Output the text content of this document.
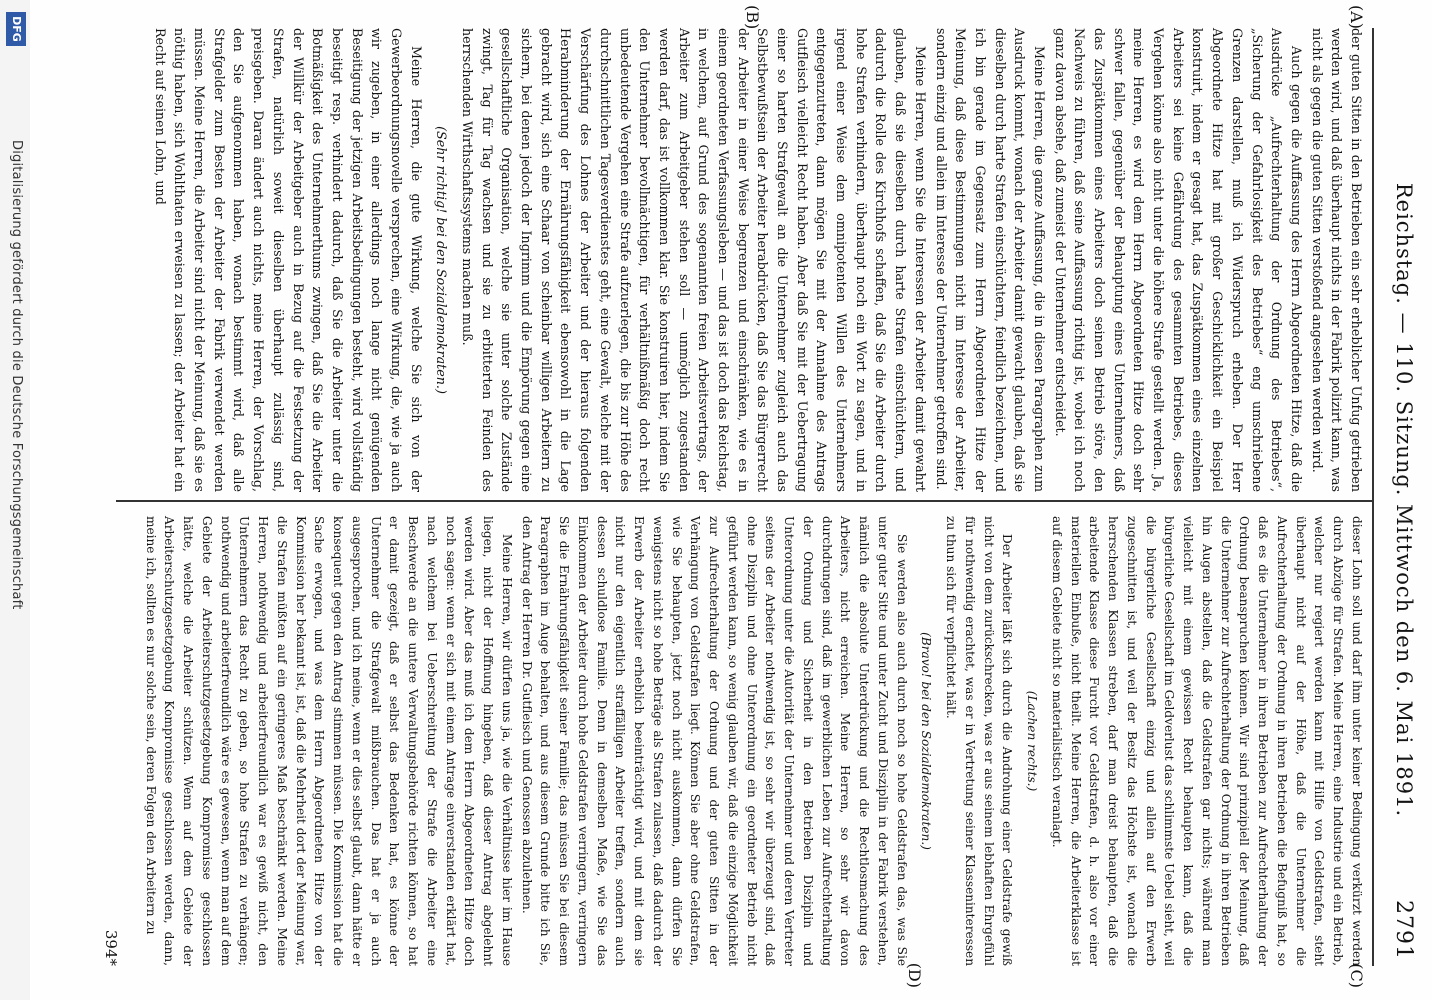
Reichstag. — 110. Sitzung. Mittwoch den 6. Mai 1891.
2791
(A)
(B)
(C)
(D)

der guten Sitten in den Betrieben ein sehr erheblicher Unfug getrieben werden wird, und daß überhaupt nichts in der Fabrik polizirt kann, was nicht als gegen die guten Sitten verstoßend angesehen werden wird.

Auch gegen die Auffassung des Herrn Abgeordneten Hitze, daß die Ausdrücke „Aufrechterhaltung der Ordnung des Betriebes“, „Sicherung der Gefahrlosigkeit des Betriebes“ eng umschriebene Grenzen darstellen, muß ich Widerspruch erheben. Der Herr Abgeordnete Hitze hat mit großer Geschicklichkeit ein Beispiel konstruirt, indem er gesagt hat, das Zuspätkommen eines einzelnen Arbeiters sei keine Gefährdung des gesammten Betriebes, dieses Vergehen könne also nicht unter die höhere Strafe gestellt werden. Ja, meine Herren, es wird dem Herrn Abgeordneten Hitze doch sehr schwer fallen, gegenüber der Behauptung eines Unternehmers, daß das Zuspätkommen eines Arbeiters doch seinen Betrieb störe, den Nachweis zu führen, daß seine Auffassung richtig ist, wobei ich noch ganz davon absehe, daß zumeist der Unternehmer entscheidet.

Meine Herren, die ganze Auffassung, die in diesen Paragraphen zum Ausdruck kommt, wonach der Arbeiter damit gewacht glauben, daß sie dieselben durch harte Strafen einschüchtern, feindlich bezeichnen, und ich bin gerade im Gegensatz zum Herrn Abgeordneten Hitze der Meinung, daß diese Bestimmungen nicht im Interesse der Arbeiter, sondern einzig und allein im Interesse der Unternehmer getroffen sind.

Meine Herren, wenn Sie die Interessen der Arbeiter damit gewahrt glauben, daß sie dieselben durch harte Strafen einschüchtern, und dadurch die Rolle des Kirchhofs schaffen, daß Sie die Arbeiter durch hohe Strafen verhindern, überhaupt noch ein Wort zu sagen, und in irgend einer Weise dem omnipotenten Willen des Unternehmers entgegenzutreten, dann mögen Sie mit der Annahme des Antrags Gutfleisch vielleicht Recht haben. Aber daß Sie mit der Uebertragung einer so harten Strafgewalt an die Unternehmer zugleich auch das Selbstbewußtsein der Arbeiter herabdrücken, daß Sie das Bürgerrecht der Arbeiter in einer Weise begrenzen und einschränken, wie es in einem geordneten Verfassungsleben — und das ist doch das Reichstag, in welchem, auf Grund des sogenannten freien Arbeitsvertrags, der Arbeiter zum Arbeitgeber stehen soll — unmöglich zugestanden werden darf, das ist vollkommen klar. Sie konstruiren hier, indem Sie den Unternehmer bevollmächtigen, für verhältnißmäßig doch recht unbedeutende Vergehen eine Strafe aufzuerlegen, die bis zur Höhe des durchschnittlichen Tagesverdienstes geht, eine Gewalt, welche mit der Verschärfung des Lohnes der Arbeiter und der hieraus folgenden Herabminderung der Ernährungsfähigkeit ebensowohl in die Lage gebracht wird, sich eine Schaar von scheinbar willigen Arbeitern zu sichern, bei denen jedoch der Ingrimm und die Empörung gegen eine gesellschaftliche Organisation, welche sie unter solche Zustände zwingt, Tag für Tag wachsen und sie zu erbitterten Feinden des herrschenden Wirthschaftssystems machen muß.

(Sehr richtig! bei den Sozialdemokraten.)

Meine Herren, die gute Wirkung, welche Sie sich von der Gewerbeordnungsnovelle versprechen, eine Wirkung, die, wie ja auch wir zugeben, in einer allerdings noch lange nicht genügenden Beseitigung der jetzigen Arbeitsbedingungen besteht, wird vollständig beseitigt resp. verhindert dadurch, daß Sie die Arbeiter unter die Botmäßigkeit des Unternehmerthums zwingen, daß Sie die Arbeiter der Willkür der Arbeitgeber auch in Bezug auf die Festsetzung der Strafen, natürlich soweit dieselben überhaupt zulässig sind, preisgeben. Daran ändert auch nichts, meine Herren, der Vorschlag, den Sie aufgenommen haben, wonach bestimmt wird, daß alle Strafgelder zum Besten der Arbeiter der Fabrik verwendet werden müssen. Meine Herren, die Arbeiter sind nicht der Meinung, daß sie es nöthig haben, sich Wohlthaten erweisen zu lassen; der Arbeiter hat ein Recht auf seinen Lohn, und

dieser Lohn soll und darf ihm unter keiner Bedingung verkürzt werden durch Abzüge für Strafen. Meine Herren, eine Industrie und ein Betrieb, welcher nur regiert werden kann mit Hilfe von Geldstrafen, steht überhaupt nicht auf der Höhe, daß die Unternehmer die Aufrechterhaltung der Ordnung in ihren Betrieben die Befugniß hat, so daß es die Unternehmer in ihren Betrieben zur Aufrechterhaltung der Ordnung beanspruchen können. Wir sind prinzipiell der Meinung, daß die Unternehmer zur Aufrechterhaltung der Ordnung in ihren Betrieben hin Augen abstellen, daß die Geldstrafen gar nichts; während man vielleicht mit einem gewissen Recht behaupten kann, daß die bürgerliche Gesellschaft im Geldverlust das schlimmste Uebel sieht, weil die bürgerliche Gesellschaft einzig und allein auf den Erwerb zugeschnitten ist, und weil der Besitz das Höchste ist, wonach die herrschenden Klassen streben, darf man dreist behaupten, daß die arbeitende Klasse diese Furcht vor Geldstrafen, d. h. also vor einer materiellen Einbuße, nicht theilt. Meine Herren, die Arbeiterklasse ist auf diesem Gebiete nicht so materialistisch veranlagt.

(Lachen rechts.)

Der Arbeiter läßt sich durch die Androhung einer Geldstrafe gewiß nicht von dem zurückschrecken, was er aus seinem lebhaften Ehrgefühl für nothwendig erachtet, was er in Vertretung seiner Klasseninteressen zu thun sich für verpflichtet hält.

(Bravo! bei den Sozialdemokraten.)

Sie werden also auch durch noch so hohe Geldstrafen das, was Sie unter guter Sitte und unter Zucht und Disziplin in der Fabrik verstehen, nämlich die absolute Unterdrückung und die Rechtlosmachung des Arbeiters, nicht erreichen. Meine Herren, so sehr wir davon durchdrungen sind, daß im gewerblichen Leben zur Aufrechterhaltung der Ordnung und Sicherheit in den Betrieben Disziplin und Unterordnung unter die Autorität der Unternehmer und deren Vertreter seitens der Arbeiter nothwendig ist, so sehr wir überzeugt sind, daß ohne Disziplin und ohne Unterordnung ein geordneter Betrieb nicht geführt werden kann, so wenig glauben wir, daß die einzige Möglichkeit zur Aufrechterhaltung der Ordnung und der guten Sitten in der Verhängung von Geldstrafen liegt. Können Sie aber ohne Geldstrafen, wie Sie behaupten, jetzt noch nicht auskommen, dann dürfen Sie wenigstens nicht so hohe Beträge als Strafen zulassen, daß dadurch der Erwerb der Arbeiter erheblich beeinträchtigt wird, und mit dem sie nicht nur den eigentlich straffälligen Arbeiter treffen, sondern auch dessen schuldlose Familie. Denn in demselben Maße, wie Sie das Einkommen der Arbeiter durch hohe Geldstrafen verringern, verringern Sie die Ernährungsfähigkeit seiner Familie; das müssen Sie bei diesem Paragraphen im Auge behalten, und aus diesem Grunde bitte ich Sie, den Antrag der Herren Dr. Gutfleisch und Genossen abzulehnen.

Meine Herren, wir dürfen uns ja, wie die Verhältnisse hier im Hause liegen, nicht der Hoffnung hingeben, daß dieser Antrag abgelehnt werden wird. Aber das muß ich dem Herrn Abgeordneten Hitze doch noch sagen: wenn er sich mit einem Antrage einverstanden erklärt hat, nach welchem bei Ueberschreitung der Strafe die Arbeiter eine Beschwerde an die untere Verwaltungsbehörde richten können, so hat er damit gezeigt, daß er selbst das Bedenken hat, es könne der Unternehmer die Strafgewalt mißbrauchen. Das hat er ja auch ausgesprochen, und ich meine, wenn er dies selbst glaubt, dann hätte er konsequent gegen den Antrag stimmen müssen. Die Kommission hat die Sache erwogen, und was dem Herrn Abgeordneten Hitze von der Kommission her bekannt ist, ist, daß die Mehrheit dort der Meinung war, die Strafen müßten auf ein geringeres Maß beschränkt werden. Meine Herren, nothwendig und arbeiterfreundlich war es gewiß nicht, den Unternehmern das Recht zu geben, so hohe Strafen zu verhängen; nothwendig und arbeiterfreundlich wäre es gewesen, wenn man auf dem Gebiete der Arbeiterschutzgesetzgebung Kompromisse geschlossen hätte, welche die Arbeiter schützen. Wenn auf dem Gebiete der Arbeiterschutzgesetzgebung Kompromisse geschlossen werden, dann, meine ich, sollten es nur solche sein, deren Folgen den Arbeitern zu

394*
DFG
Digitalisierung gefördert durch die Deutsche Forschungsgemeinschaft
